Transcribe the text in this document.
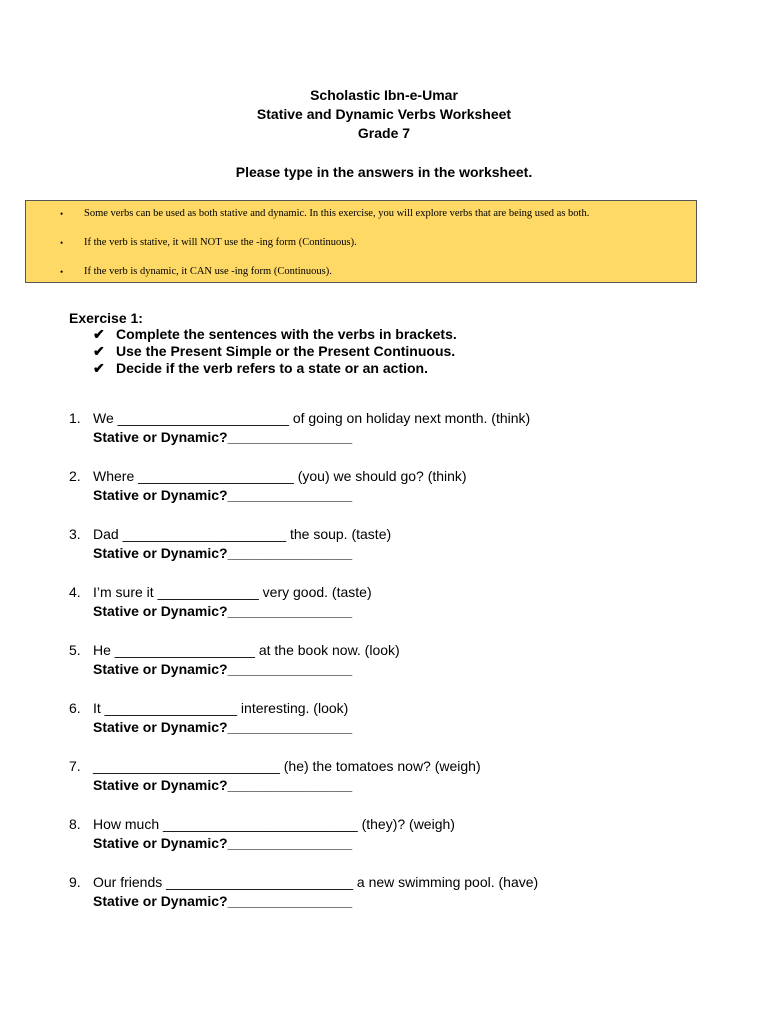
Scholastic Ibn-e-Umar
Stative and Dynamic Verbs Worksheet
Grade 7
Please type in the answers in the worksheet.
• Some verbs can be used as both stative and dynamic. In this exercise, you will explore verbs that are being used as both.
• If the verb is stative, it will NOT use the -ing form (Continuous).
• If the verb is dynamic, it CAN use -ing form (Continuous).
Exercise 1:
✔ Complete the sentences with the verbs in brackets.
✔ Use the Present Simple or the Present Continuous.
✔ Decide if the verb refers to a state or an action.
1. We ______________________ of going on holiday next month. (think)
Stative or Dynamic?________________
2. Where ____________________ (you) we should go? (think)
Stative or Dynamic?________________
3. Dad _____________________ the soup. (taste)
Stative or Dynamic?________________
4. I’m sure it _____________ very good. (taste)
Stative or Dynamic?________________
5. He __________________ at the book now. (look)
Stative or Dynamic?________________
6. It _________________ interesting. (look)
Stative or Dynamic?________________
7. ________________________ (he) the tomatoes now? (weigh)
Stative or Dynamic?________________
8. How much _________________________ (they)? (weigh)
Stative or Dynamic?________________
9. Our friends ________________________ a new swimming pool. (have)
Stative or Dynamic?________________
